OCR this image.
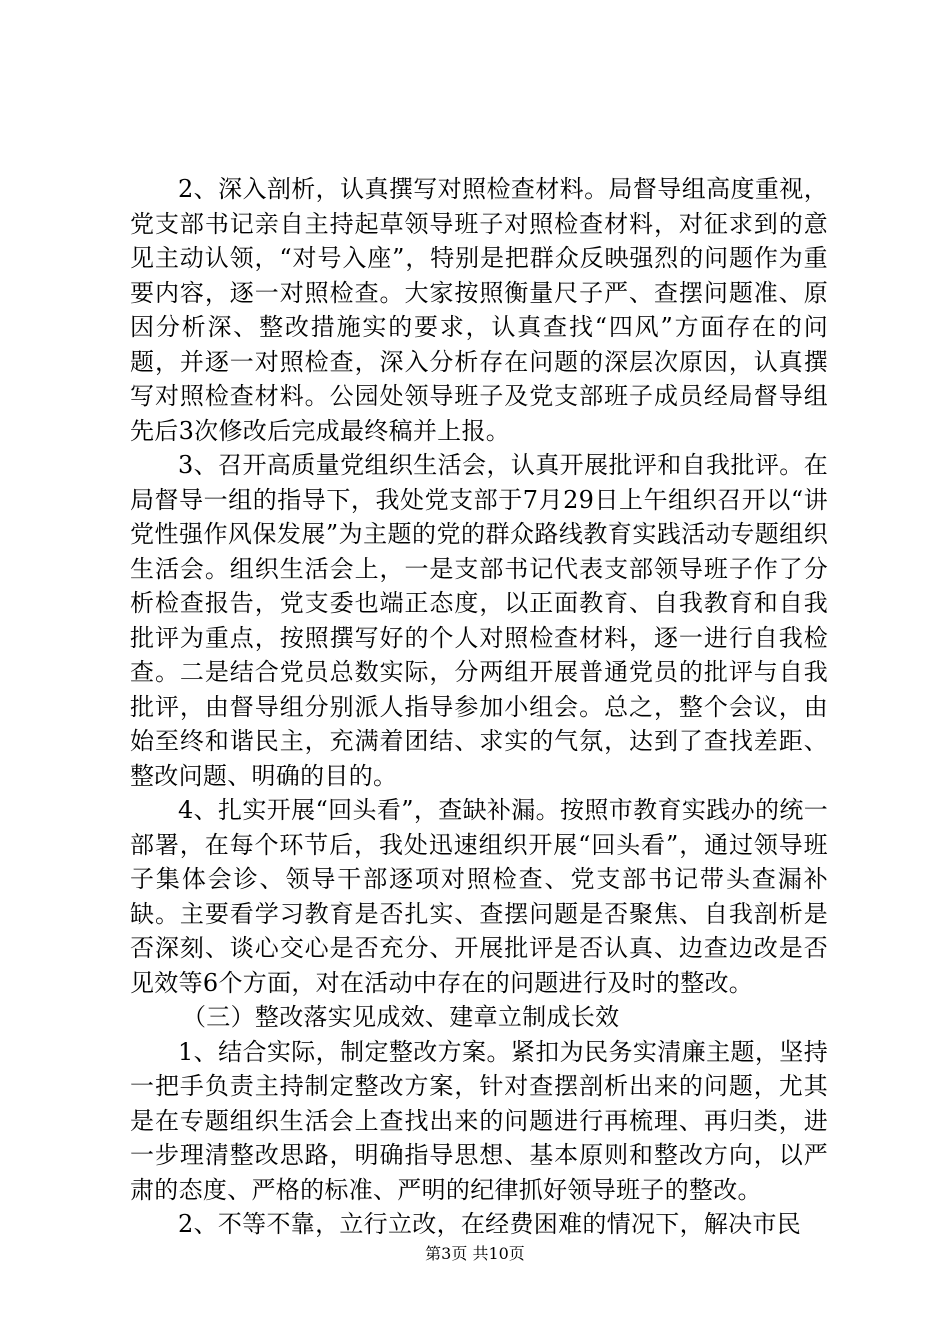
2、深入剖析，认真撰写对照检查材料。局督导组高度重视，党支部书记亲自主持起草领导班子对照检查材料，对征求到的意见主动认领，“对号入座”，特别是把群众反映强烈的问题作为重要内容，逐一对照检查。大家按照衡量尺子严、查摆问题准、原因分析深、整改措施实的要求，认真查找“四风”方面存在的问题，并逐一对照检查，深入分析存在问题的深层次原因，认真撰写对照检查材料。公园处领导班子及党支部班子成员经局督导组先后3次修改后完成最终稿并上报。

3、召开高质量党组织生活会，认真开展批评和自我批评。在局督导一组的指导下，我处党支部于7月29日上午组织召开以“讲党性强作风保发展”为主题的党的群众路线教育实践活动专题组织生活会。组织生活会上，一是支部书记代表支部领导班子作了分析检查报告，党支委也端正态度，以正面教育、自我教育和自我批评为重点，按照撰写好的个人对照检查材料，逐一进行自我检查。二是结合党员总数实际，分两组开展普通党员的批评与自我批评，由督导组分别派人指导参加小组会。总之，整个会议，由始至终和谐民主，充满着团结、求实的气氛，达到了查找差距、整改问题、明确的目的。

4、扎实开展“回头看”，查缺补漏。按照市教育实践办的统一部署，在每个环节后，我处迅速组织开展“回头看”，通过领导班子集体会诊、领导干部逐项对照检查、党支部书记带头查漏补缺。主要看学习教育是否扎实、查摆问题是否聚焦、自我剖析是否深刻、谈心交心是否充分、开展批评是否认真、边查边改是否见效等6个方面，对在活动中存在的问题进行及时的整改。

（三）整改落实见成效、建章立制成长效

1、结合实际，制定整改方案。紧扣为民务实清廉主题，坚持一把手负责主持制定整改方案，针对查摆剖析出来的问题，尤其是在专题组织生活会上查找出来的问题进行再梳理、再归类，进一步理清整改思路，明确指导思想、基本原则和整改方向，以严肃的态度、严格的标准、严明的纪律抓好领导班子的整改。

2、不等不靠，立行立改，在经费困难的情况下，解决市民

第3页 共10页
